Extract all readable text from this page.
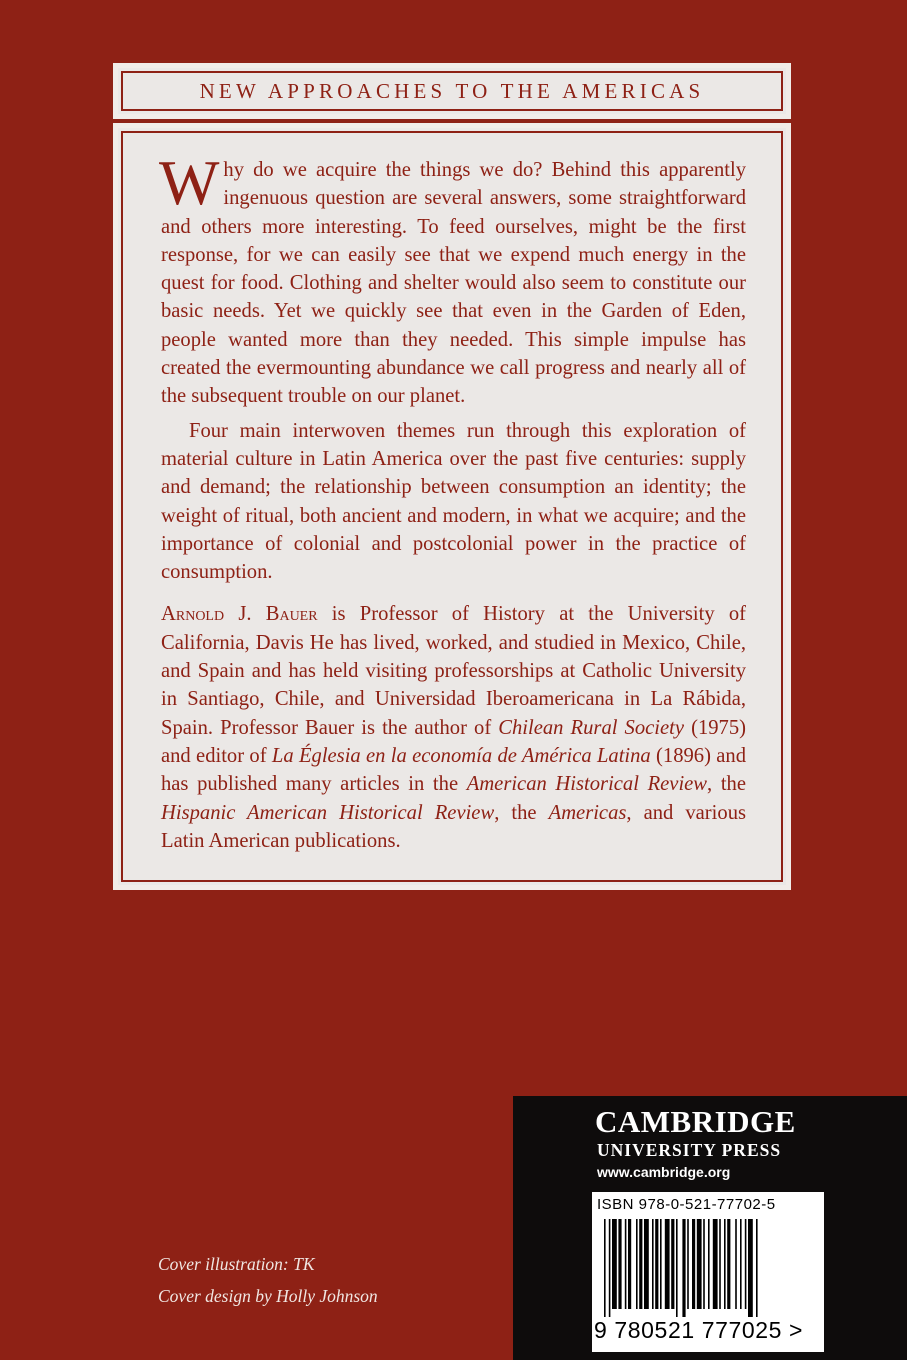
NEW APPROACHES TO THE AMERICAS

Why do we acquire the things we do? Behind this apparently ingenuous question are several answers, some straightforward and others more interesting. To feed ourselves, might be the first response, for we can easily see that we expend much energy in the quest for food. Clothing and shelter would also seem to constitute our basic needs. Yet we quickly see that even in the Garden of Eden, people wanted more than they needed. This simple impulse has created the evermounting abundance we call progress and nearly all of the subsequent trouble on our planet.

Four main interwoven themes run through this exploration of material culture in Latin America over the past five centuries: supply and demand; the relationship between consumption an identity; the weight of ritual, both ancient and modern, in what we acquire; and the importance of colonial and postcolonial power in the practice of consumption.

Arnold J. Bauer is Professor of History at the University of California, Davis He has lived, worked, and studied in Mexico, Chile, and Spain and has held visiting professorships at Catholic University in Santiago, Chile, and Universidad Iberoamericana in La Rábida, Spain. Professor Bauer is the author of Chilean Rural Society (1975) and editor of La Églesia en la economía de América Latina (1896) and has published many articles in the American Historical Review, the Hispanic American Historical Review, the Americas, and various Latin American publications.

Cover illustration: TK
Cover design by Holly Johnson
CAMBRIDGE
UNIVERSITY PRESS
www.cambridge.org
ISBN 978-0-521-77702-5
9 780521 777025 >
